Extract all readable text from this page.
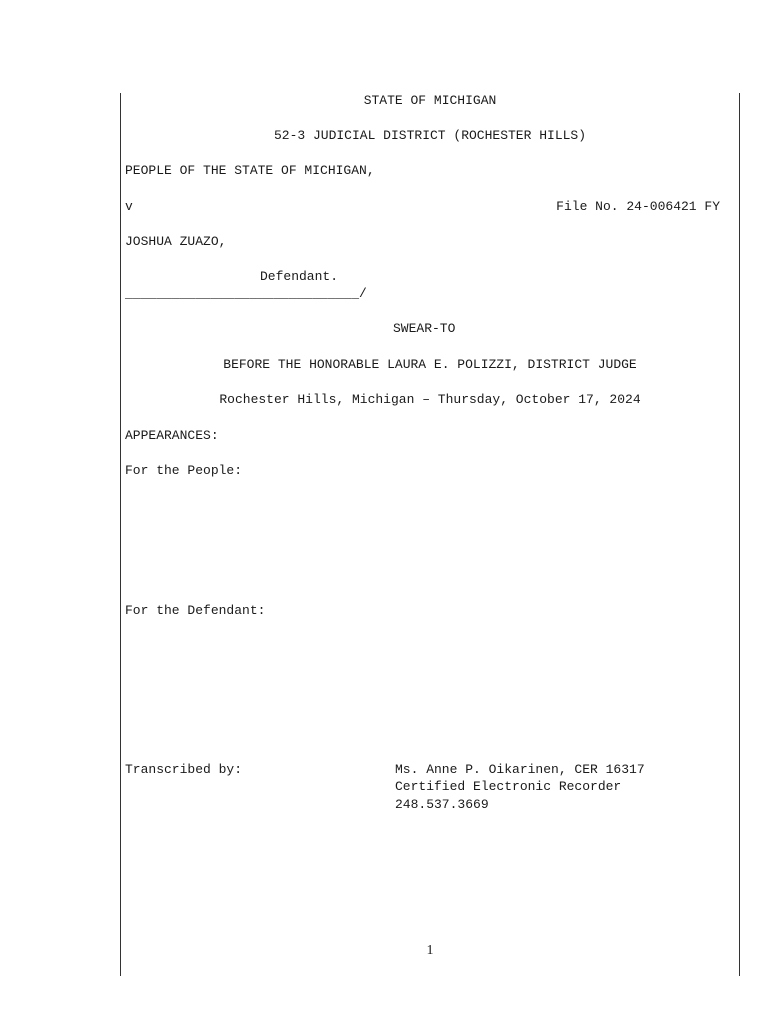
STATE OF MICHIGAN
52-3 JUDICIAL DISTRICT (ROCHESTER HILLS)
PEOPLE OF THE STATE OF MICHIGAN,
v	File No. 24-006421 FY
JOSHUA ZUAZO,
Defendant.
______________________________/
SWEAR-TO
BEFORE THE HONORABLE LAURA E. POLIZZI, DISTRICT JUDGE
Rochester Hills, Michigan – Thursday, October 17, 2024
APPEARANCES:
For the People:
For the Defendant:
Transcribed by:	Ms. Anne P. Oikarinen, CER 16317
Certified Electronic Recorder
248.537.3669
1
